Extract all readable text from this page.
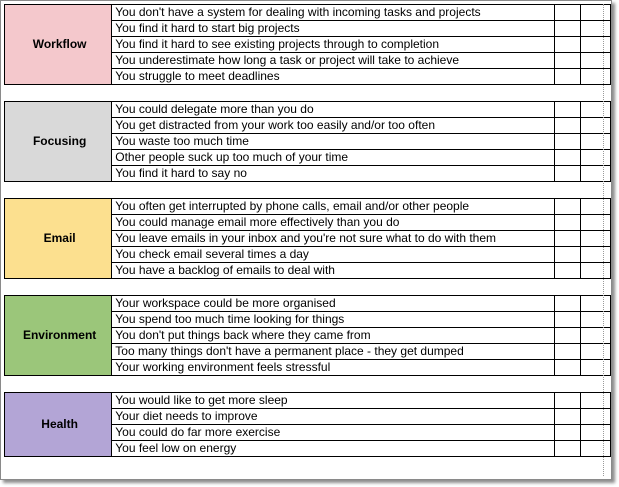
Workflow	You don't have a system for dealing with incoming tasks and projects		
	You find it hard to start big projects		
	You find it hard to see existing projects through to completion		
	You underestimate how long a task or project will take to achieve		
	You struggle to meet deadlines		

Focusing	You could delegate more than you do		
	You get distracted from your work too easily and/or too often		
	You waste too much time		
	Other people suck up too much of your time		
	You find it hard to say no		

Email	You often get interrupted by phone calls, email and/or other people		
	You could manage email more effectively than you do		
	You leave emails in your inbox and you're not sure what to do with them		
	You check email several times a day		
	You have a backlog of emails to deal with		

Environment	Your workspace could be more organised		
	You spend too much time looking for things		
	You don't put things back where they came from		
	Too many things don't have a permanent place - they get dumped		
	Your working environment feels stressful		

Health	You would like to get more sleep		
	Your diet needs to improve		
	You could do far more exercise		
	You feel low on energy		
